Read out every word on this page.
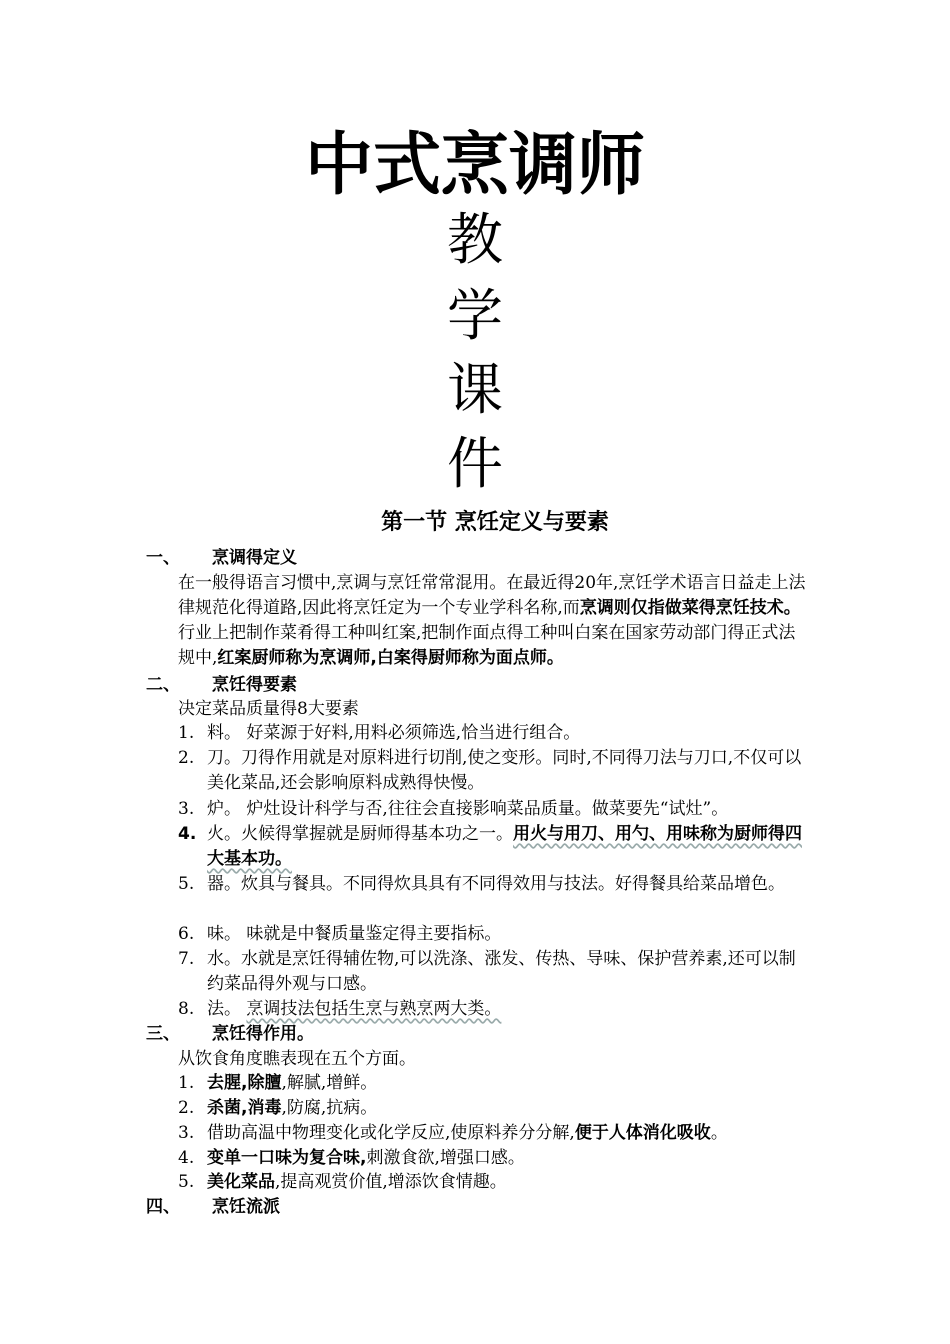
中式烹调师
教
学
课
件
第一节 烹饪定义与要素
一、 烹调得定义
在一般得语言习惯中,烹调与烹饪常常混用。在最近得20年,烹饪学术语言日益走上法律规范化得道路,因此将烹饪定为一个专业学科名称,而烹调则仅指做菜得烹饪技术。行业上把制作菜肴得工种叫红案,把制作面点得工种叫白案在国家劳动部门得正式法规中,红案厨师称为烹调师,白案得厨师称为面点师。
二、 烹饪得要素
决定菜品质量得8大要素
1. 料。 好菜源于好料,用料必须筛选,恰当进行组合。
2. 刀。刀得作用就是对原料进行切削,使之变形。同时,不同得刀法与刀口,不仅可以美化菜品,还会影响原料成熟得快慢。
3. 炉。 炉灶设计科学与否,往往会直接影响菜品质量。做菜要先“试灶”。
4. 火。火候得掌握就是厨师得基本功之一。用火与用刀、用勺、用味称为厨师得四大基本功。
5. 器。炊具与餐具。不同得炊具具有不同得效用与技法。好得餐具给菜品增色。
6. 味。 味就是中餐质量鉴定得主要指标。
7. 水。水就是烹饪得辅佐物,可以洗涤、涨发、传热、导味、保护营养素,还可以制约菜品得外观与口感。
8. 法。 烹调技法包括生烹与熟烹两大类。
三、 烹饪得作用。
从饮食角度瞧表现在五个方面。
1. 去腥,除膻,解腻,增鲜。
2. 杀菌,消毒,防腐,抗病。
3. 借助高温中物理变化或化学反应,使原料养分分解,便于人体消化吸收。
4. 变单一口味为复合味,刺激食欲,增强口感。
5. 美化菜品,提高观赏价值,增添饮食情趣。
四、 烹饪流派
